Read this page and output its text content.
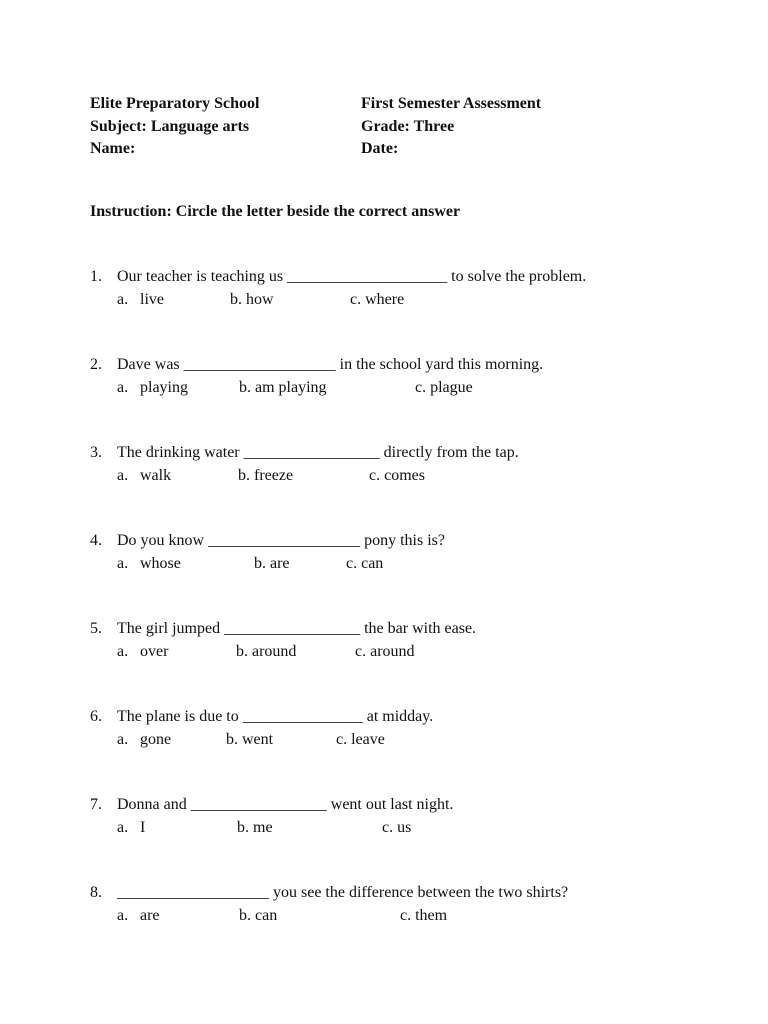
Elite Preparatory School	First Semester Assessment
Subject: Language arts	Grade: Three
Name:	Date:
Instruction: Circle the letter beside the correct answer
1. Our teacher is teaching us ____________________ to solve the problem.
a. live	b. how	c. where
2. Dave was ___________________ in the school yard this morning.
a. playing	b. am playing	c. plague
3. The drinking water _________________ directly from the tap.
a. walk	b. freeze	c. comes
4. Do you know ___________________ pony this is?
a. whose	b. are	c. can
5. The girl jumped _________________ the bar with ease.
a. over	b. around	c. around
6. The plane is due to _______________ at midday.
a. gone	b. went	c. leave
7. Donna and _________________ went out last night.
a. I	b. me	c. us
8. ___________________ you see the difference between the two shirts?
a. are	b. can	c. them
